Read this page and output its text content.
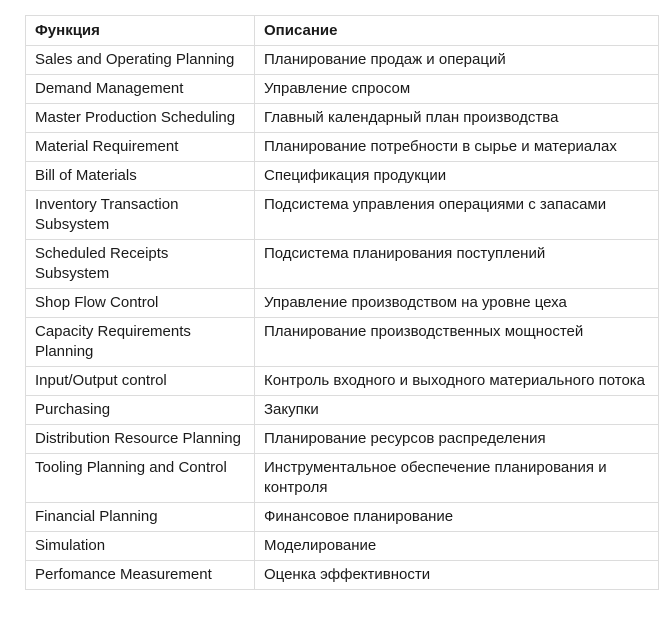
Функция	Описание
Sales and Operating Planning	Планирование продаж и операций
Demand Management	Управление спросом
Master Production Scheduling	Главный календарный план производства
Material Requirement	Планирование потребности в сырье и материалах
Bill of Materials	Спецификация продукции
Inventory Transaction Subsystem	Подсистема управления операциями с запасами
Scheduled Receipts Subsystem	Подсистема планирования поступлений
Shop Flow Control	Управление производством на уровне цеха
Capacity Requirements Planning	Планирование производственных мощностей
Input/Output control	Контроль входного и выходного материального потока
Purchasing	Закупки
Distribution Resource Planning	Планирование ресурсов распределения
Tooling Planning and Control	Инструментальное обеспечение планирования и контроля
Financial Planning	Финансовое планирование
Simulation	Моделирование
Perfomance Measurement	Оценка эффективности
